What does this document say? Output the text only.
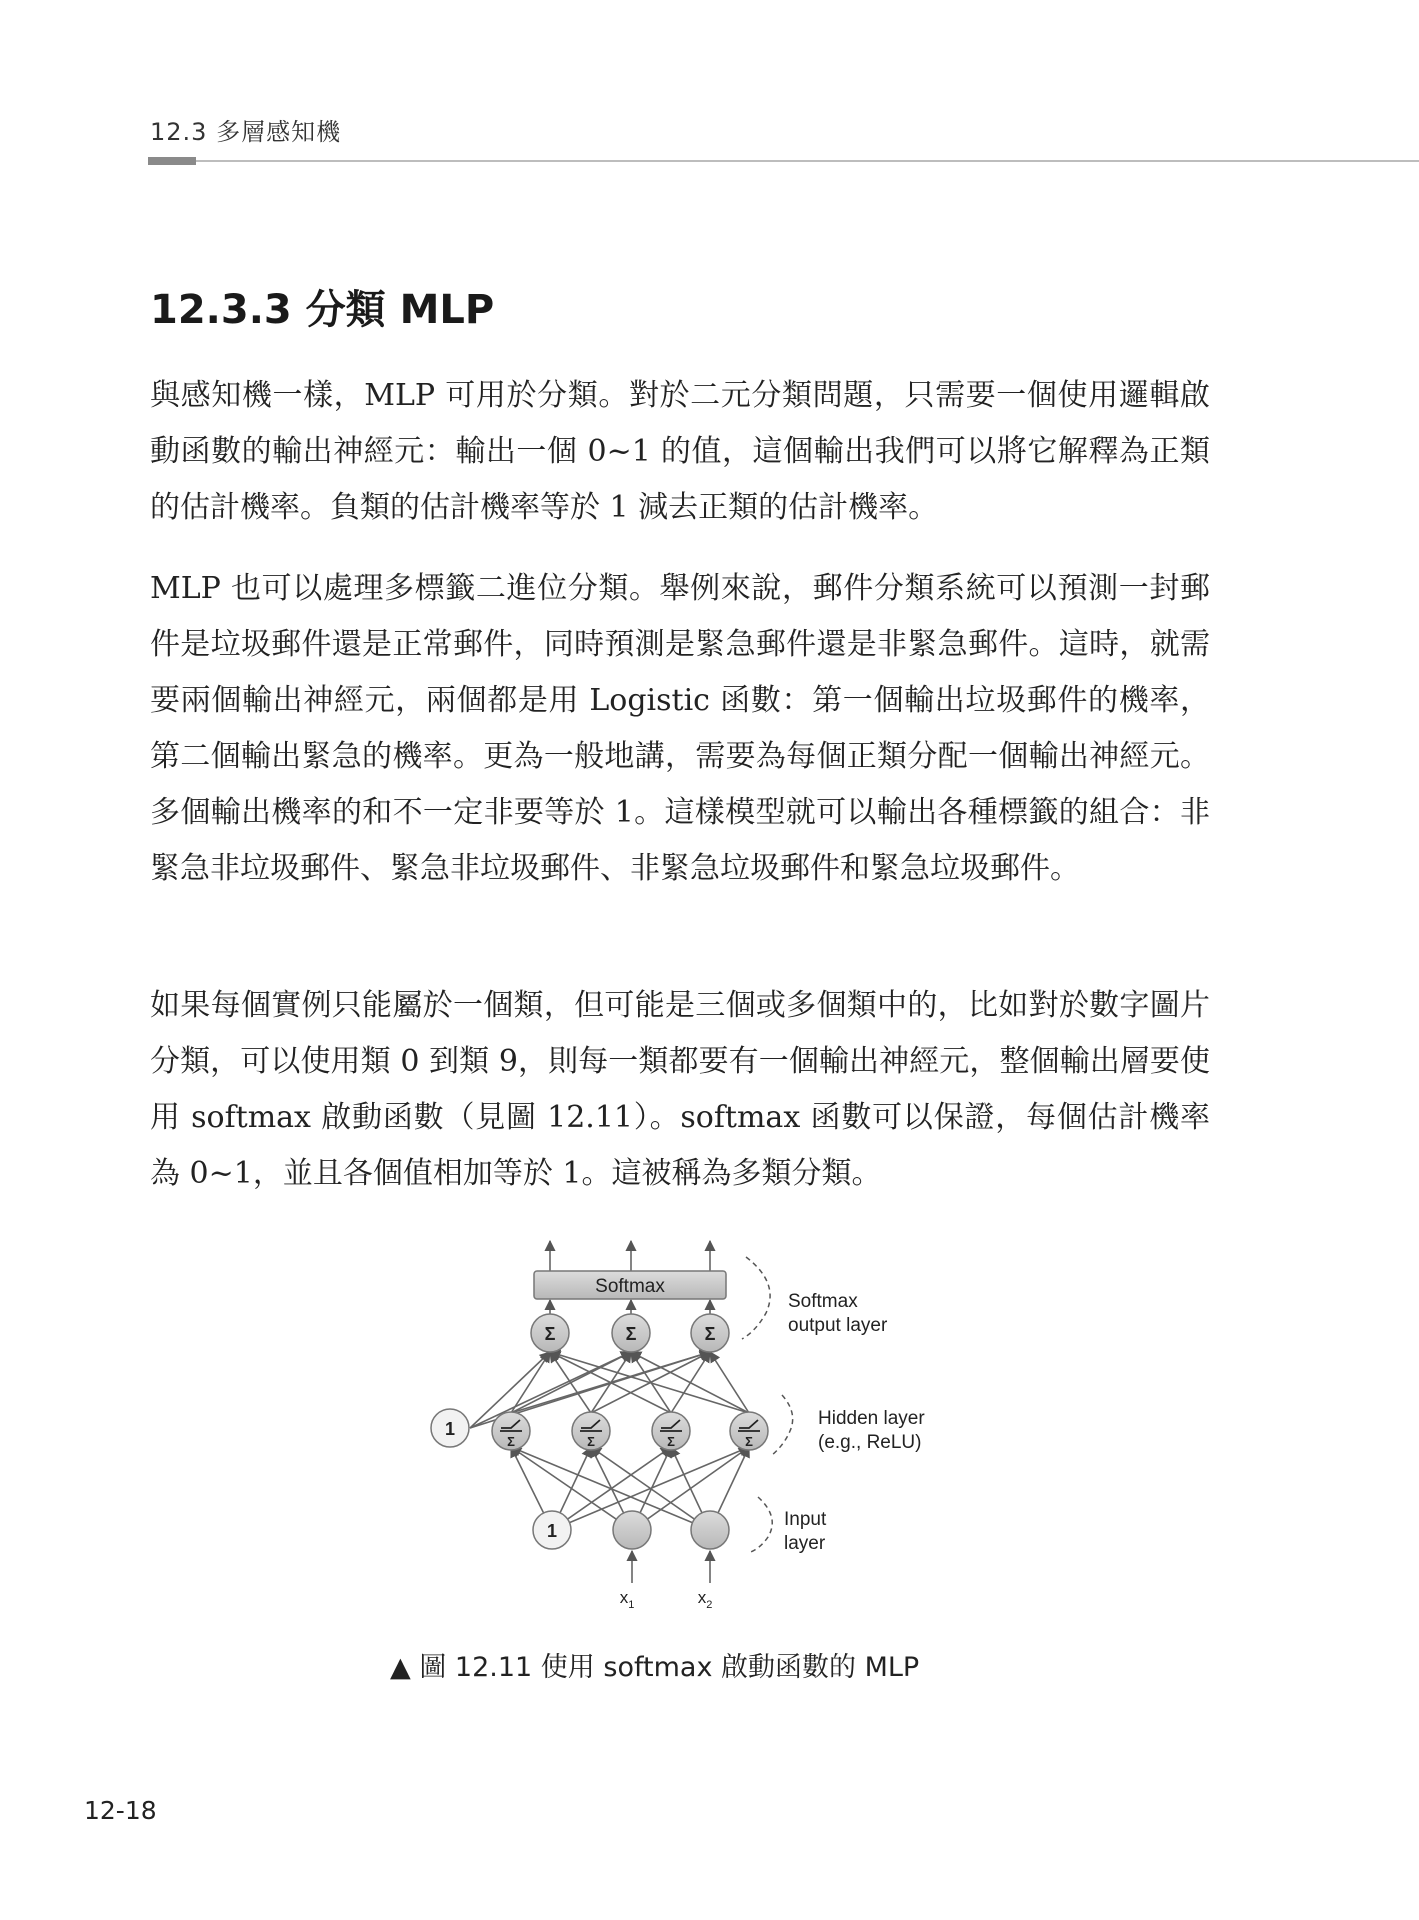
12.3 多層感知機
12.3.3 分類 MLP

與感知機一樣，MLP 可用於分類。對於二元分類問題，只需要一個使用邏輯啟動函數的輸出神經元：輸出一個 0~1 的值，這個輸出我們可以將它解釋為正類的估計機率。負類的估計機率等於 1 減去正類的估計機率。

MLP 也可以處理多標籤二進位分類。舉例來說，郵件分類系統可以預測一封郵件是垃圾郵件還是正常郵件，同時預測是緊急郵件還是非緊急郵件。這時，就需要兩個輸出神經元，兩個都是用 Logistic 函數：第一個輸出垃圾郵件的機率，第二個輸出緊急的機率。更為一般地講，需要為每個正類分配一個輸出神經元。多個輸出機率的和不一定非要等於 1。這樣模型就可以輸出各種標籤的組合：非緊急非垃圾郵件、緊急非垃圾郵件、非緊急垃圾郵件和緊急垃圾郵件。

如果每個實例只能屬於一個類，但可能是三個或多個類中的，比如對於數字圖片分類，可以使用類 0 到類 9，則每一類都要有一個輸出神經元，整個輸出層要使用 softmax 啟動函數（見圖 12.11）。softmax 函數可以保證，每個估計機率為 0~1，並且各個值相加等於 1。這被稱為多類分類。

Softmax
Σ	Σ	Σ
1
Σ	Σ	Σ	Σ
1
$x_1$	$x_2$
Softmax
output layer
Hidden layer
(e.g., ReLU)
Input
layer
▲ 圖 12.11 使用 softmax 啟動函數的 MLP
12-18
